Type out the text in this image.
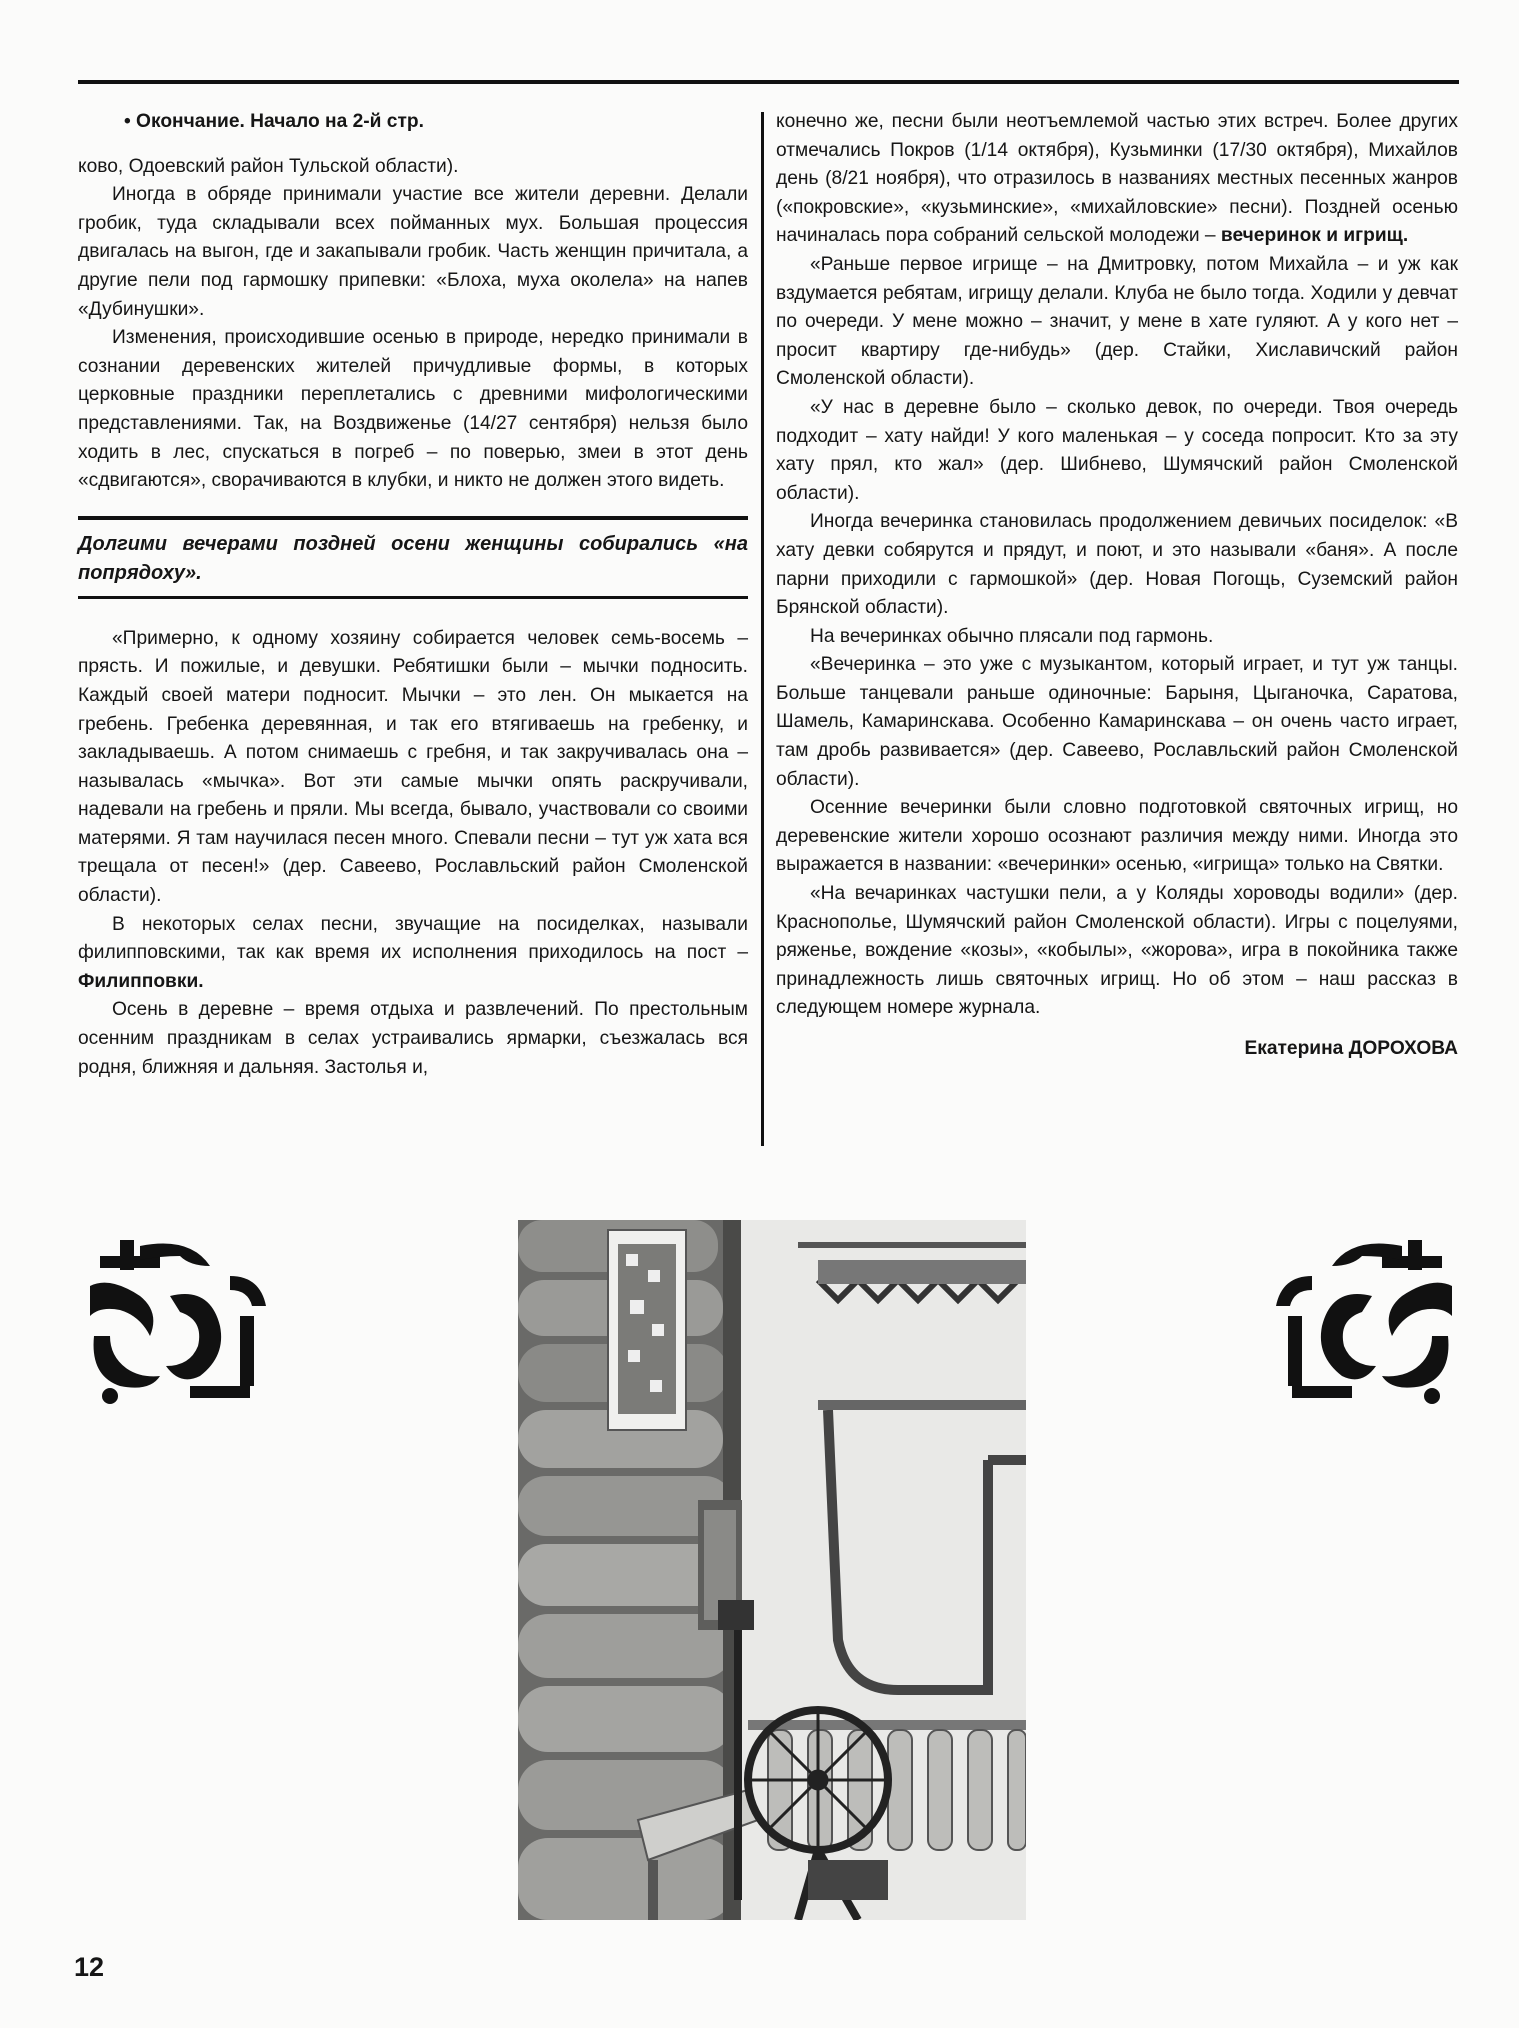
• Окончание. Начало на 2-й стр.

ково, Одоевский район Тульской области).

Иногда в обряде принимали участие все жители деревни. Делали гробик, туда складывали всех пойманных мух. Большая процессия двигалась на выгон, где и закапывали гробик. Часть женщин причитала, а другие пели под гармошку припевки: «Блоха, муха околела» на напев «Дубинушки».

Изменения, происходившие осенью в природе, нередко принимали в сознании деревенских жителей причудливые формы, в которых церковные праздники переплетались с древними мифологическими представлениями. Так, на Воздвиженье (14/27 сентября) нельзя было ходить в лес, спускаться в погреб – по поверью, змеи в этот день «сдвигаются», сворачиваются в клубки, и никто не должен этого видеть.

Долгими вечерами поздней осени женщины собирались «на попрядоху».

«Примерно, к одному хозяину собирается человек семь-восемь – прясть. И пожилые, и девушки. Ребятишки были – мычки подносить. Каждый своей матери подносит. Мычки – это лен. Он мыкается на гребень. Гребенка деревянная, и так его втягиваешь на гребенку, и закладываешь. А потом снимаешь с гребня, и так закручивалась она – называлась «мычка». Вот эти самые мычки опять раскручивали, надевали на гребень и пряли. Мы всегда, бывало, участвовали со своими матерями. Я там научилася песен много. Спевали песни – тут уж хата вся трещала от песен!» (дер. Савеево, Рославльский район Смоленской области).

В некоторых селах песни, звучащие на посиделках, называли филипповскими, так как время их исполнения приходилось на пост – Филипповки.

Осень в деревне – время отдыха и развлечений. По престольным осенним праздникам в селах устраивались ярмарки, съезжалась вся родня, ближняя и дальняя. Застолья и,

конечно же, песни были неотъемлемой частью этих встреч. Более других отмечались Покров (1/14 октября), Кузьминки (17/30 октября), Михайлов день (8/21 ноября), что отразилось в названиях местных песенных жанров («покровские», «кузьминские», «михайловские» песни). Поздней осенью начиналась пора собраний сельской молодежи – вечеринок и игрищ.

«Раньше первое игрище – на Дмитровку, потом Михайла – и уж как вздумается ребятам, игрищу делали. Клуба не было тогда. Ходили у девчат по очереди. У мене можно – значит, у мене в хате гуляют. А у кого нет – просит квартиру где-нибудь» (дер. Стайки, Хиславичский район Смоленской области).

«У нас в деревне было – сколько девок, по очереди. Твоя очередь подходит – хату найди! У кого маленькая – у соседа попросит. Кто за эту хату прял, кто жал» (дер. Шибнево, Шумячский район Смоленской области).

Иногда вечеринка становилась продолжением девичьих посиделок: «В хату девки собярутся и прядут, и поют, и это называли «баня». А после парни приходили с гармошкой» (дер. Новая Погощь, Суземский район Брянской области).

На вечеринках обычно плясали под гармонь.

«Вечеринка – это уже с музыкантом, который играет, и тут уж танцы. Больше танцевали раньше одиночные: Барыня, Цыганочка, Саратова, Шамель, Камаринскава. Особенно Камаринскава – он очень часто играет, там дробь развивается» (дер. Савеево, Рославльский район Смоленской области).

Осенние вечеринки были словно подготовкой святочных игрищ, но деревенские жители хорошо осознают различия между ними. Иногда это выражается в названии: «вечеринки» осенью, «игрища» только на Святки.

«На вечаринках частушки пели, а у Коляды хороводы водили» (дер. Краснополье, Шумячский район Смоленской области). Игры с поцелуями, ряженье, вождение «козы», «кобылы», «жорова», игра в покойника также принадлежность лишь святочных игрищ. Но об этом – наш рассказ в следующем номере журнала.

Екатерина ДОРОХОВА
12
